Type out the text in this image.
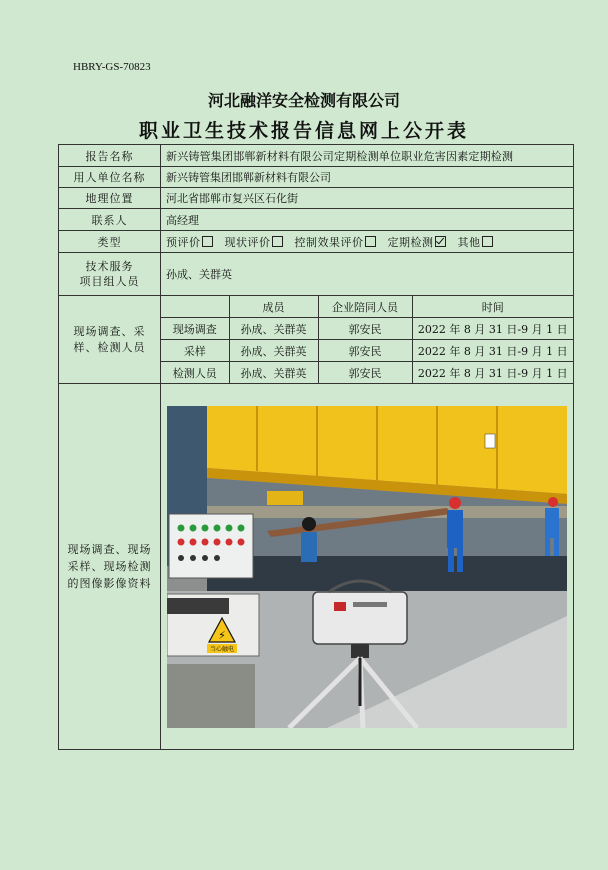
HBRY-GS-70823
河北融洋安全检测有限公司
职业卫生技术报告信息网上公开表
报告名称	新兴铸管集团邯郸新材料有限公司定期检测单位职业危害因素定期检测
用人单位名称	新兴铸管集团邯郸新材料有限公司
地理位置	河北省邯郸市复兴区石化街
联系人	高经理
类型	预评价 现状评价 控制效果评价 定期检测 其他
技术服务
项目组人员	孙成、关群英
现场调查、采样、检测人员	
	成员	企业陪同人员	时间
现场调查	孙成、关群英	郭安民	2022 年 8 月 31 日-9 月 1 日
采样	孙成、关群英	郭安民	2022 年 8 月 31 日-9 月 1 日
检测人员	孙成、关群英	郭安民	2022 年 8 月 31 日-9 月 1 日

现场调查、现场采样、现场检测的图像影像资料	
⚡
当心触电
